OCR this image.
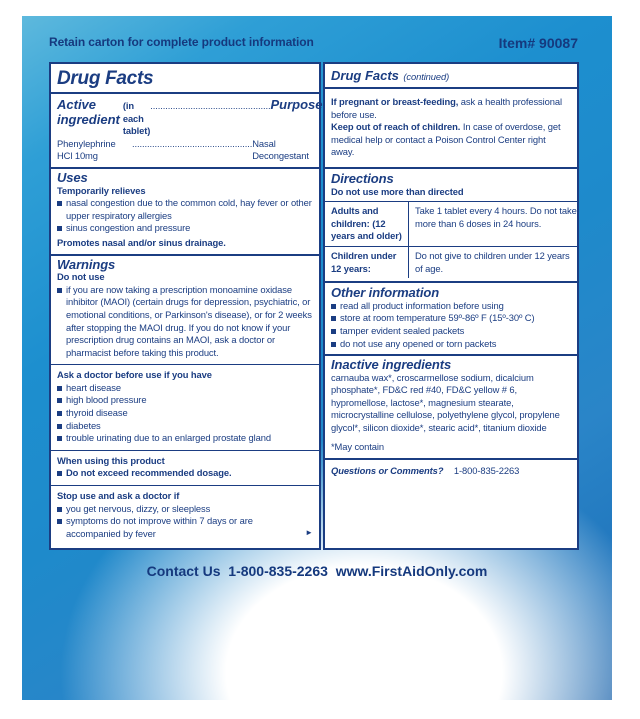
Retain carton for complete product information	Item# 90087
Drug Facts
Active ingredient
(in each tablet)
................................................ Purpose
Phenylephrine HCl 10mg
................................................ Nasal Decongestant
Uses
Temporarily relieves
nasal congestion due to the common cold, hay fever or other upper respiratory allergies
sinus congestion and pressure
Promotes nasal and/or sinus drainage.
Warnings
Do not use
if you are now taking a prescription monoamine oxidase inhibitor (MAOI) (certain drugs for depression, psychiatric, or emotional conditions, or Parkinson's disease), or for 2 weeks after stopping the MAOI drug. If you do not know if your prescription drug contains an MAOI, ask a doctor or pharmacist before taking this product.
Ask a doctor before use if you have
heart disease
high blood pressure
thyroid disease
diabetes
trouble urinating due to an enlarged prostate gland
When using this product
Do not exceed recommended dosage.
Stop use and ask a doctor if
you get nervous, dizzy, or sleepless
symptoms do not improve within 7 days or are accompanied by fever	►
Drug Facts (continued)
If pregnant or breast-feeding, ask a health professional before use.
Keep out of reach of children. In case of overdose, get medical help or contact a Poison Control Center right away.
Directions
Do not use more than directed
Adults and children: (12 years and older)
Take 1 tablet every 4 hours. Do not take more than 6 doses in 24 hours.
Children under 12 years:
Do not give to children under 12 years of age.
Other information
read all product information before using
store at room temperature 59º-86º F (15º-30º C)
tamper evident sealed packets
do not use any opened or torn packets
Inactive ingredients
carnauba wax*, croscarmellose sodium, dicalcium phosphate*, FD&C red #40, FD&C yellow # 6, hypromellose, lactose*, magnesium stearate, microcrystalline cellulose, polyethylene glycol, propylene glycol*, silicon dioxide*, stearic acid*, titanium dioxide
*May contain
Questions or Comments? 1-800-835-2263
Contact Us  1-800-835-2263  www.FirstAidOnly.com
